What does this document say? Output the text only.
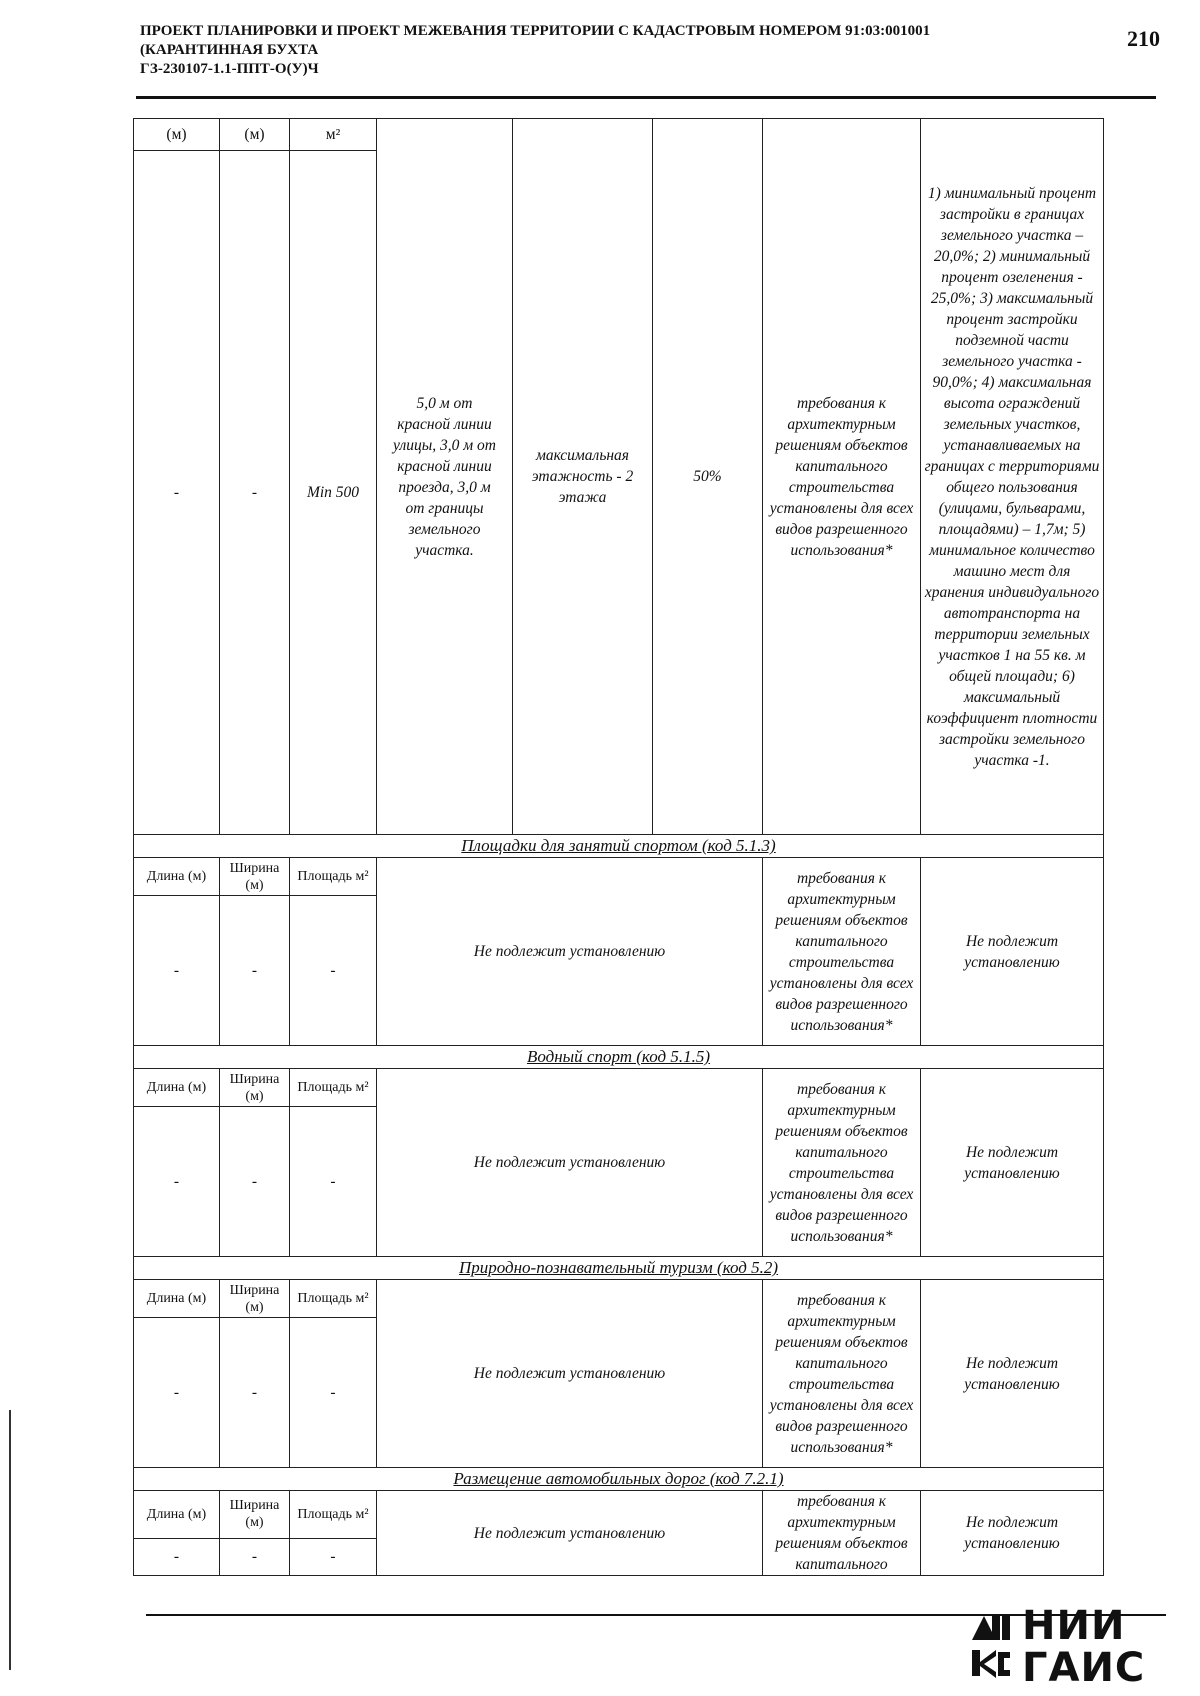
ПРОЕКТ ПЛАНИРОВКИ И ПРОЕКТ МЕЖЕВАНИЯ ТЕРРИТОРИИ С КАДАСТРОВЫМ НОМЕРОМ 91:03:001001
(КАРАНТИННАЯ БУХТА
ГЗ-230107-1.1-ППТ-О(У)Ч
210
(м)	(м)	м²	5,0 м от красной линии улицы, 3,0 м от красной линии проезда, 3,0 м от границы земельного участка.	максимальная этажность - 2 этажа	50%	требования к архитектурным решениям объектов капитального строительства установлены для всех видов разрешенного использования*	1) минимальный процент застройки в границах земельного участка – 20,0%; 2) минимальный процент озеленения - 25,0%; 3) максимальный процент застройки подземной части земельного участка - 90,0%; 4) максимальная высота ограждений земельных участков, устанавливаемых на границах с территориями общего пользования (улицами, бульварами, площадями) – 1,7м; 5) минимальное количество машино мест для хранения индивидуального автотранспорта на территории земельных участков 1 на 55 кв. м общей площади; 6) максимальный коэффициент плотности застройки земельного участка -1.
-	-	Min 500					
Площадки для занятий спортом (код 5.1.3)							
Длина (м)	Ширина (м)	Площадь м²	Не подлежит установлению			требования к архитектурным решениям объектов капитального строительства установлены для всех видов разрешенного использования*	Не подлежит установлению
-	-	-					
Водный спорт (код 5.1.5)							
Длина (м)	Ширина (м)	Площадь м²	Не подлежит установлению			требования к архитектурным решениям объектов капитального строительства установлены для всех видов разрешенного использования*	Не подлежит установлению
-	-	-					
Природно-познавательный туризм (код 5.2)							
Длина (м)	Ширина (м)	Площадь м²	Не подлежит установлению			требования к архитектурным решениям объектов капитального строительства установлены для всех видов разрешенного использования*	Не подлежит установлению
-	-	-					
Размещение автомобильных дорог (код 7.2.1)							
Длина (м)	Ширина (м)	Площадь м²	Не подлежит установлению			требования к архитектурным решениям объектов капитального	Не подлежит установлению
-	-	-					
НИИ
ГАИС
